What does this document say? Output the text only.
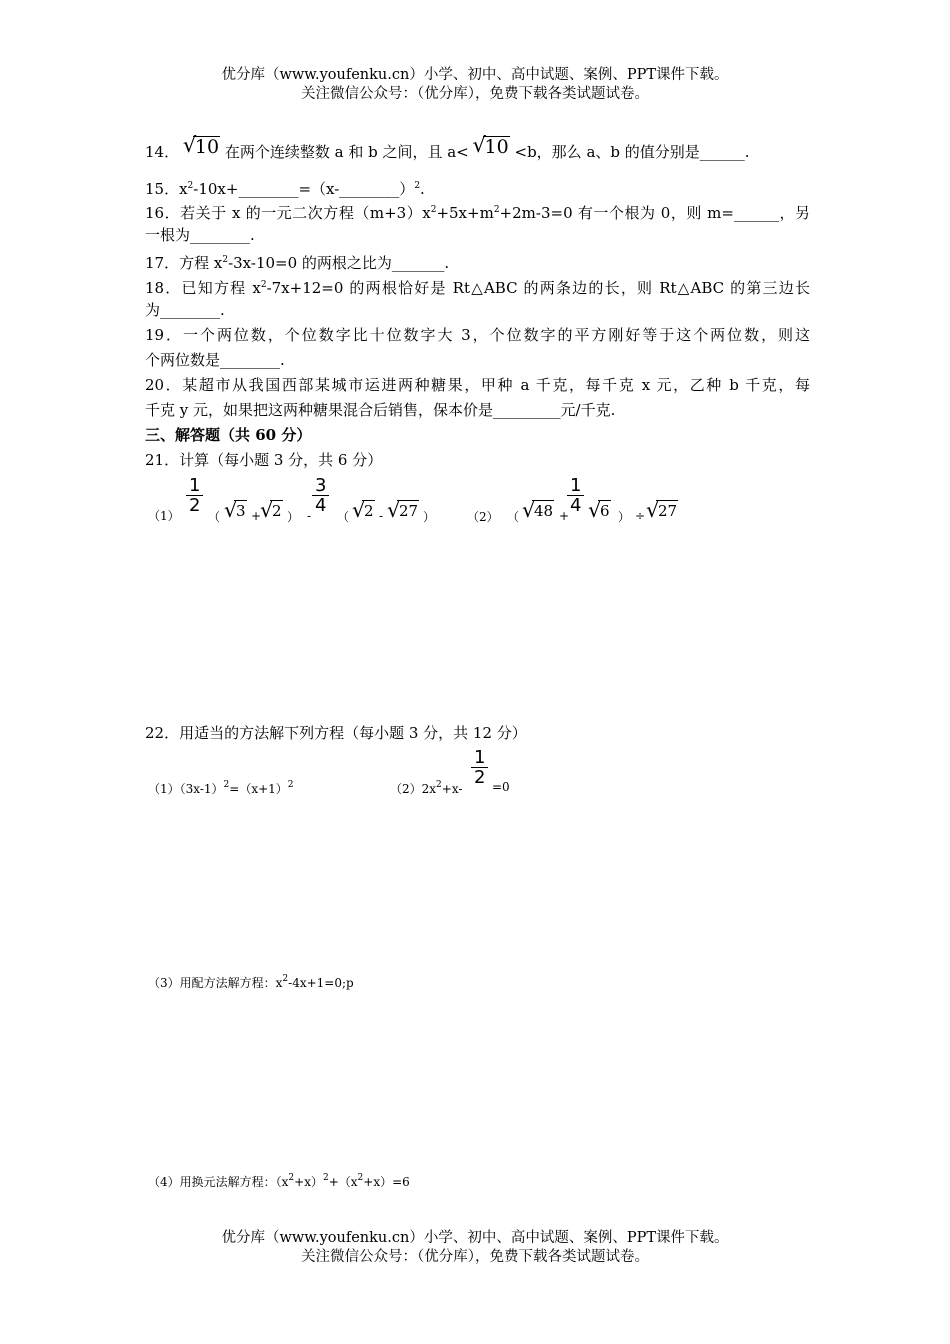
优分库（www.youfenku.cn）小学、初中、高中试题、案例、PPT课件下载。
关注微信公众号：（优分库），免费下载各类试题试卷。
14． √
10 在两个连续整数 a 和 b 之间，且 a< √
10 <b，那么 a、b 的值分别是______.
15．$x^2-10x+\_\_\_\_\_\_\_\_=(x-\_\_\_\_\_\_\_\_)^2$.
16．若关于 x 的一元二次方程$(m+3)x^2+5x+m^2+2m-3=0$ 有一个根为 0，则 m=______，另
一根为________.
17．方程 $x^2-3x-10=0$ 的两根之比为_______.
18．已知方程 $x^2-7x+12=0$ 的两根恰好是 Rt△ABC 的两条边的长，则 Rt△ABC 的第三边长
为________.
19．一个两位数，个位数字比十位数字大 3，个位数字的平方刚好等于这个两位数，则这
个两位数是________.
20．某超市从我国西部某城市运进两种糖果，甲种 a 千克，每千克 x 元，乙种 b 千克，每
千克 y 元，如果把这两种糖果混合后销售，保本价是_________元/千克.
三、解答题（共 60 分）
21．计算（每小题 3 分，共 6 分）
（1）
$\frac{1}{2}$
（ √
3 +
√
2 ） -
$\frac{3}{4}$
（ √
2 - √
27 ）	（2） （ √
48 +
$\frac{1}{4}$ √
6 ） ÷ √
27
22．用适当的方法解下列方程（每小题 3 分，共 12 分）
$(1)(3x-1)^2=(x+1)^2$	$(2)2x^2+x-$
$\frac{1}{2} =0$
（3）用配方法解方程：$x^2-4x+1=0;p$
（4）用换元法解方程：$(x^2+x)^2+(x^2+x)=6$
优分库（www.youfenku.cn）小学、初中、高中试题、案例、PPT课件下载。
关注微信公众号：（优分库），免费下载各类试题试卷。
